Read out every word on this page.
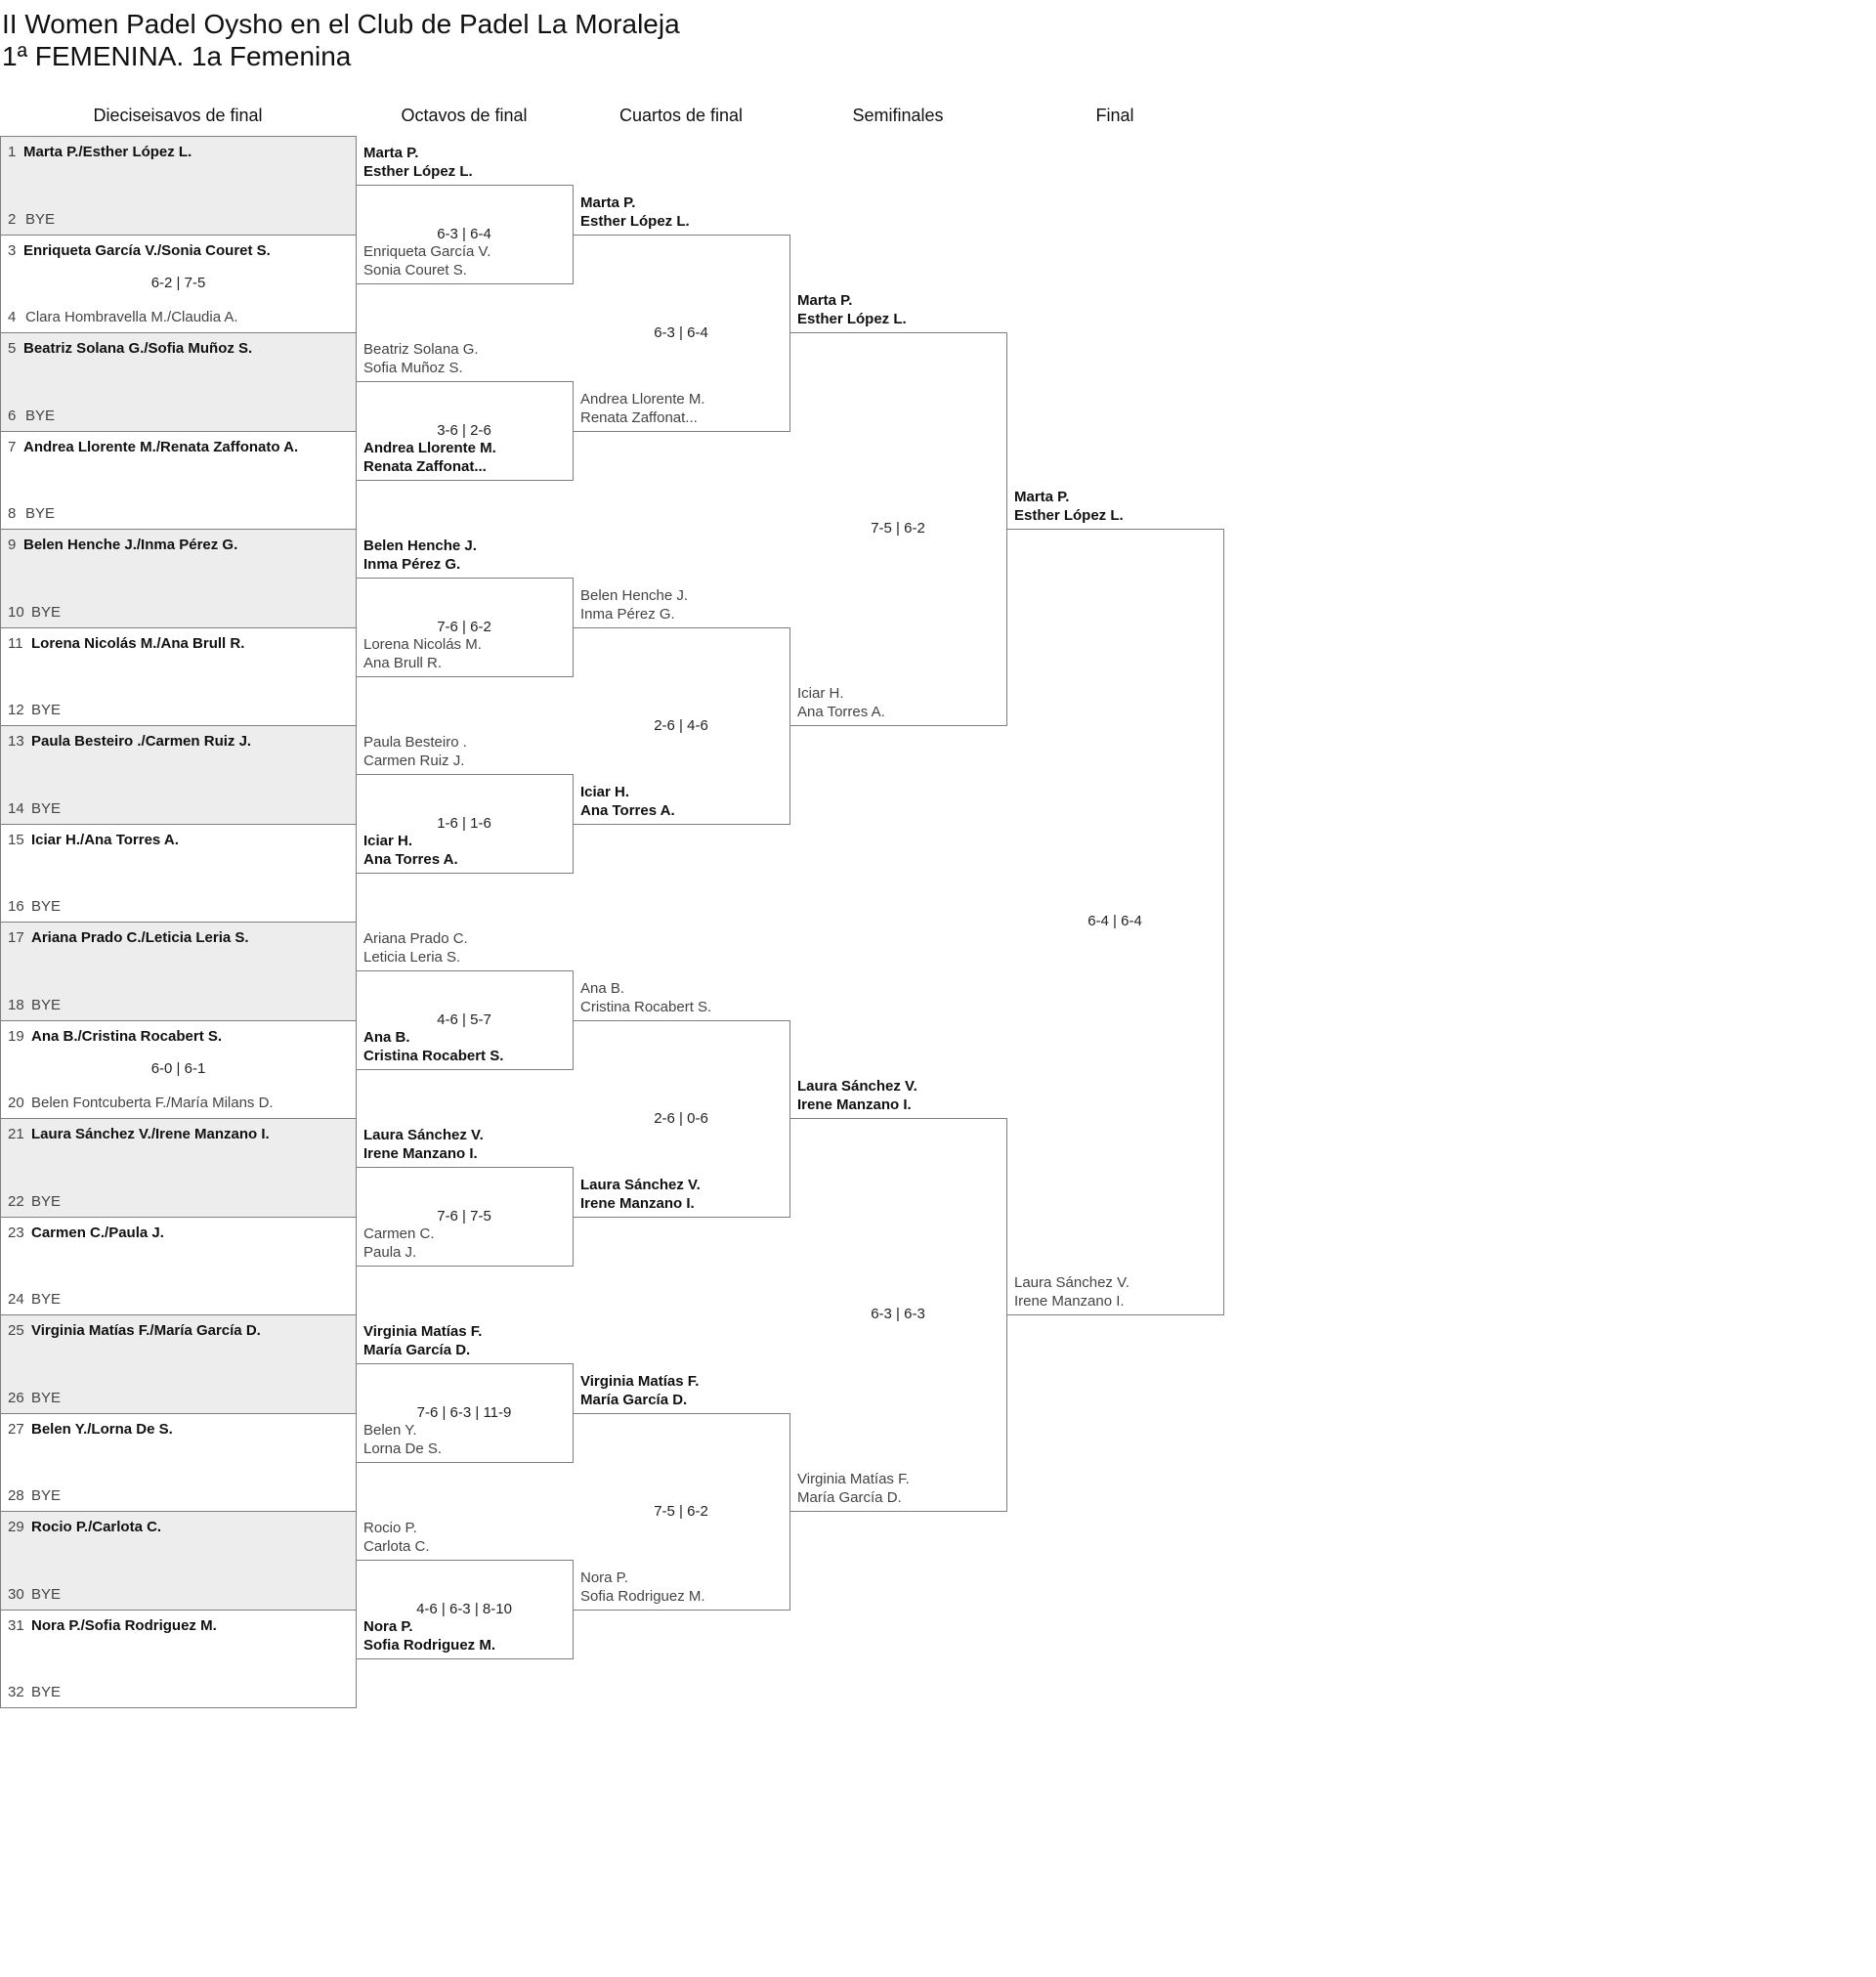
II Women Padel Oysho en el Club de Padel La Moraleja
1ª FEMENINA. 1a Femenina
Dieciseisavos de final	Octavos de final	Cuartos de final	Semifinales	Final
1 Marta P./Esther López L.
2 BYE
3 Enriqueta García V./Sonia Couret S.
4 Clara Hombravella M./Claudia A.
6-2 | 7-5
5 Beatriz Solana G./Sofia Muñoz S.
6 BYE
7 Andrea Llorente M./Renata Zaffonato A.
8 BYE
9 Belen Henche J./Inma Pérez G.
10 BYE
11 Lorena Nicolás M./Ana Brull R.
12 BYE
13 Paula Besteiro ./Carmen Ruiz J.
14 BYE
15 Iciar H./Ana Torres A.
16 BYE
17 Ariana Prado C./Leticia Leria S.
18 BYE
19 Ana B./Cristina Rocabert S.
20 Belen Fontcuberta F./María Milans D.
6-0 | 6-1
21 Laura Sánchez V./Irene Manzano I.
22 BYE
23 Carmen C./Paula J.
24 BYE
25 Virginia Matías F./María García D.
26 BYE
27 Belen Y./Lorna De S.
28 BYE
29 Rocio P./Carlota C.
30 BYE
31 Nora P./Sofia Rodriguez M.
32 BYE
Marta P.
Esther López L.
Enriqueta García V.
Sonia Couret S.
6-3 | 6-4
Beatriz Solana G.
Sofia Muñoz S.
Andrea Llorente M.
Renata Zaffonat...
3-6 | 2-6
Belen Henche J.
Inma Pérez G.
Lorena Nicolás M.
Ana Brull R.
7-6 | 6-2
Paula Besteiro .
Carmen Ruiz J.
Iciar H.
Ana Torres A.
1-6 | 1-6
Ariana Prado C.
Leticia Leria S.
Ana B.
Cristina Rocabert S.
4-6 | 5-7
Laura Sánchez V.
Irene Manzano I.
Carmen C.
Paula J.
7-6 | 7-5
Virginia Matías F.
María García D.
Belen Y.
Lorna De S.
7-6 | 6-3 | 11-9
Rocio P.
Carlota C.
Nora P.
Sofia Rodriguez M.
4-6 | 6-3 | 8-10
Marta P.
Esther López L.
Andrea Llorente M.
Renata Zaffonat...
6-3 | 6-4
Belen Henche J.
Inma Pérez G.
Iciar H.
Ana Torres A.
2-6 | 4-6
Ana B.
Cristina Rocabert S.
Laura Sánchez V.
Irene Manzano I.
2-6 | 0-6
Virginia Matías F.
María García D.
Nora P.
Sofia Rodriguez M.
7-5 | 6-2
Marta P.
Esther López L.
Iciar H.
Ana Torres A.
7-5 | 6-2
Laura Sánchez V.
Irene Manzano I.
Virginia Matías F.
María García D.
6-3 | 6-3
Marta P.
Esther López L.
Laura Sánchez V.
Irene Manzano I.
6-4 | 6-4
